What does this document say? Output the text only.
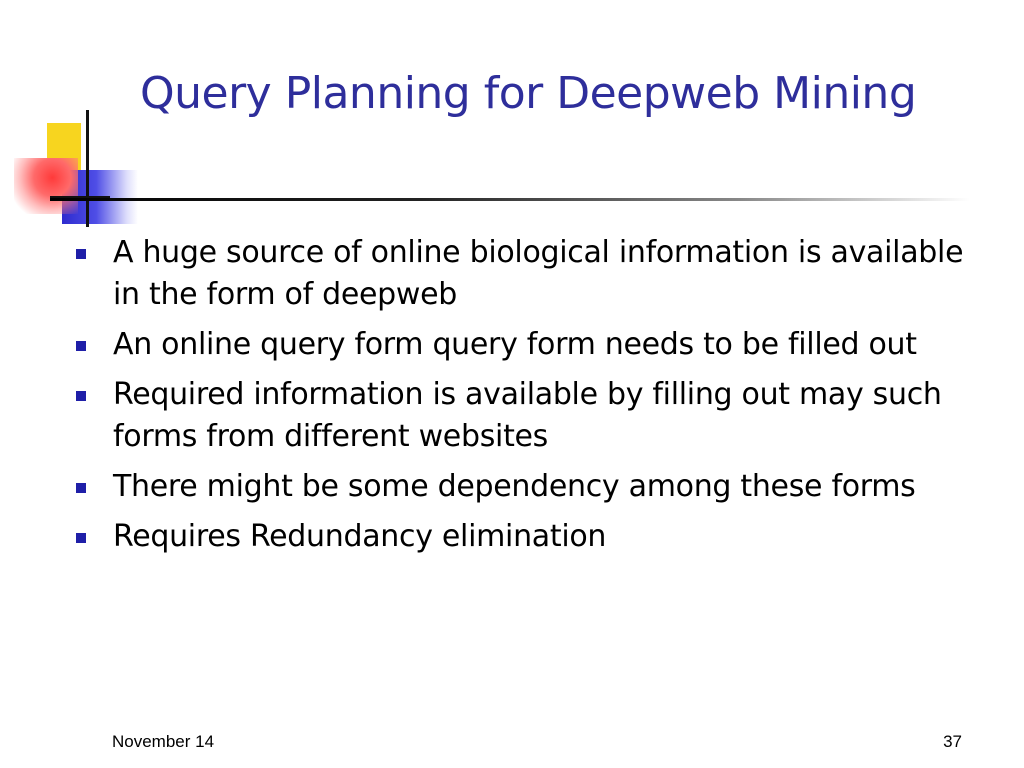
Query Planning for Deepweb Mining
A huge source of online biological information is available in the form of deepweb
An online query form query form needs to be filled out
Required information is available by filling out may such forms from different websites
There might be some dependency among these forms
Requires Redundancy elimination
November 14	37
